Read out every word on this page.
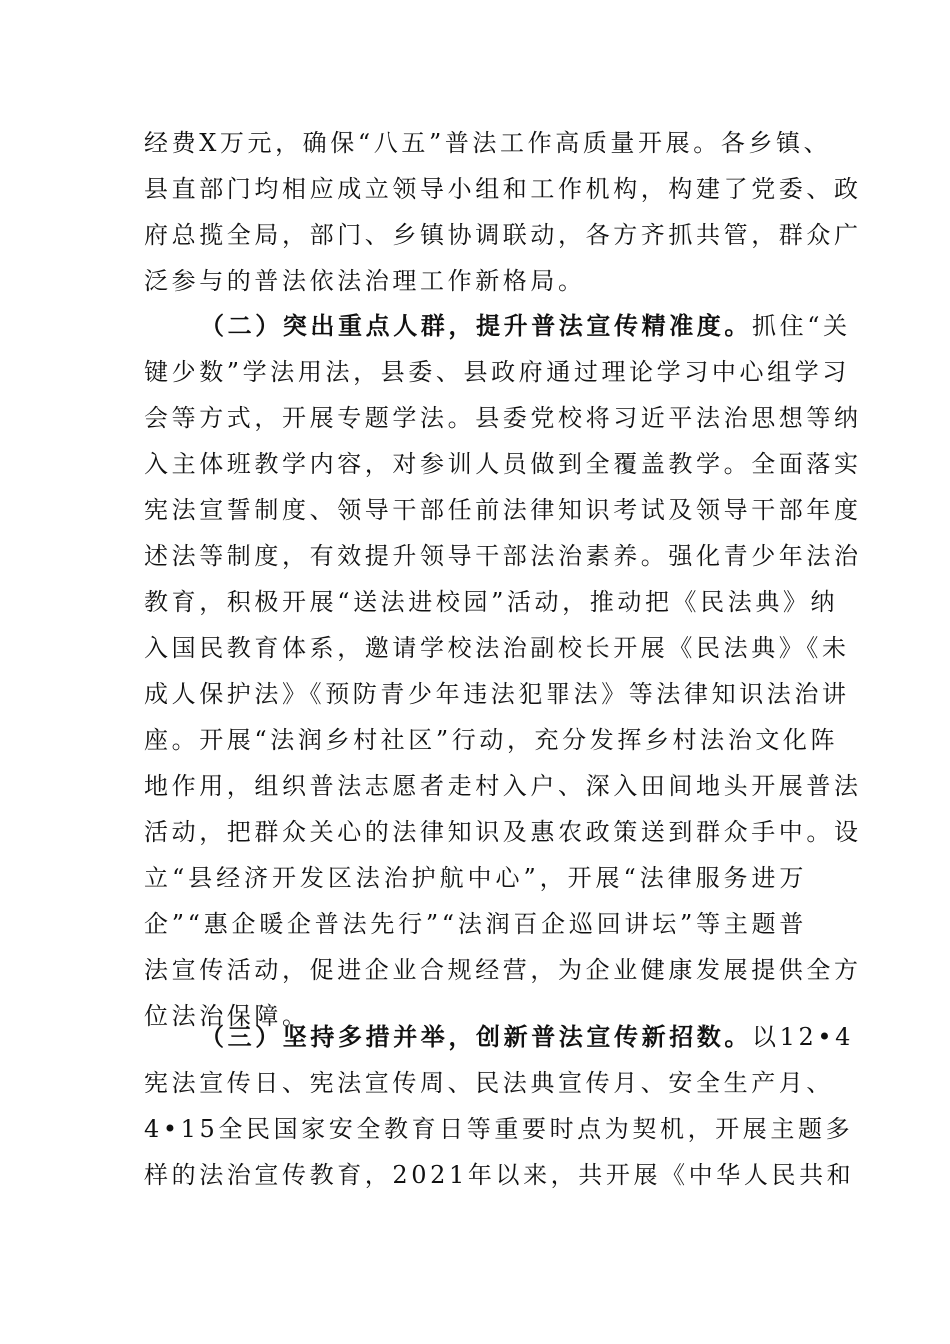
经费X万元，确保“八五”普法工作高质量开展。各乡镇、
县直部门均相应成立领导小组和工作机构，构建了党委、政
府总揽全局，部门、乡镇协调联动，各方齐抓共管，群众广
泛参与的普法依法治理工作新格局。
（二）突出重点人群，提升普法宣传精准度。抓住“关
键少数”学法用法，县委、县政府通过理论学习中心组学习
会等方式，开展专题学法。县委党校将习近平法治思想等纳
入主体班教学内容，对参训人员做到全覆盖教学。全面落实
宪法宣誓制度、领导干部任前法律知识考试及领导干部年度
述法等制度，有效提升领导干部法治素养。强化青少年法治
教育，积极开展“送法进校园”活动，推动把《民法典》纳
入国民教育体系，邀请学校法治副校长开展《民法典》《未
成人保护法》《预防青少年违法犯罪法》等法律知识法治讲
座。开展“法润乡村社区”行动，充分发挥乡村法治文化阵
地作用，组织普法志愿者走村入户、深入田间地头开展普法
活动，把群众关心的法律知识及惠农政策送到群众手中。设
立“县经济开发区法治护航中心”，开展“法律服务进万
企”“惠企暖企普法先行”“法润百企巡回讲坛”等主题普
法宣传活动，促进企业合规经营，为企业健康发展提供全方
位法治保障。
（三）坚持多措并举，创新普法宣传新招数。以12•4
宪法宣传日、宪法宣传周、民法典宣传月、安全生产月、
4•15全民国家安全教育日等重要时点为契机，开展主题多
样的法治宣传教育，2021年以来，共开展《中华人民共和
